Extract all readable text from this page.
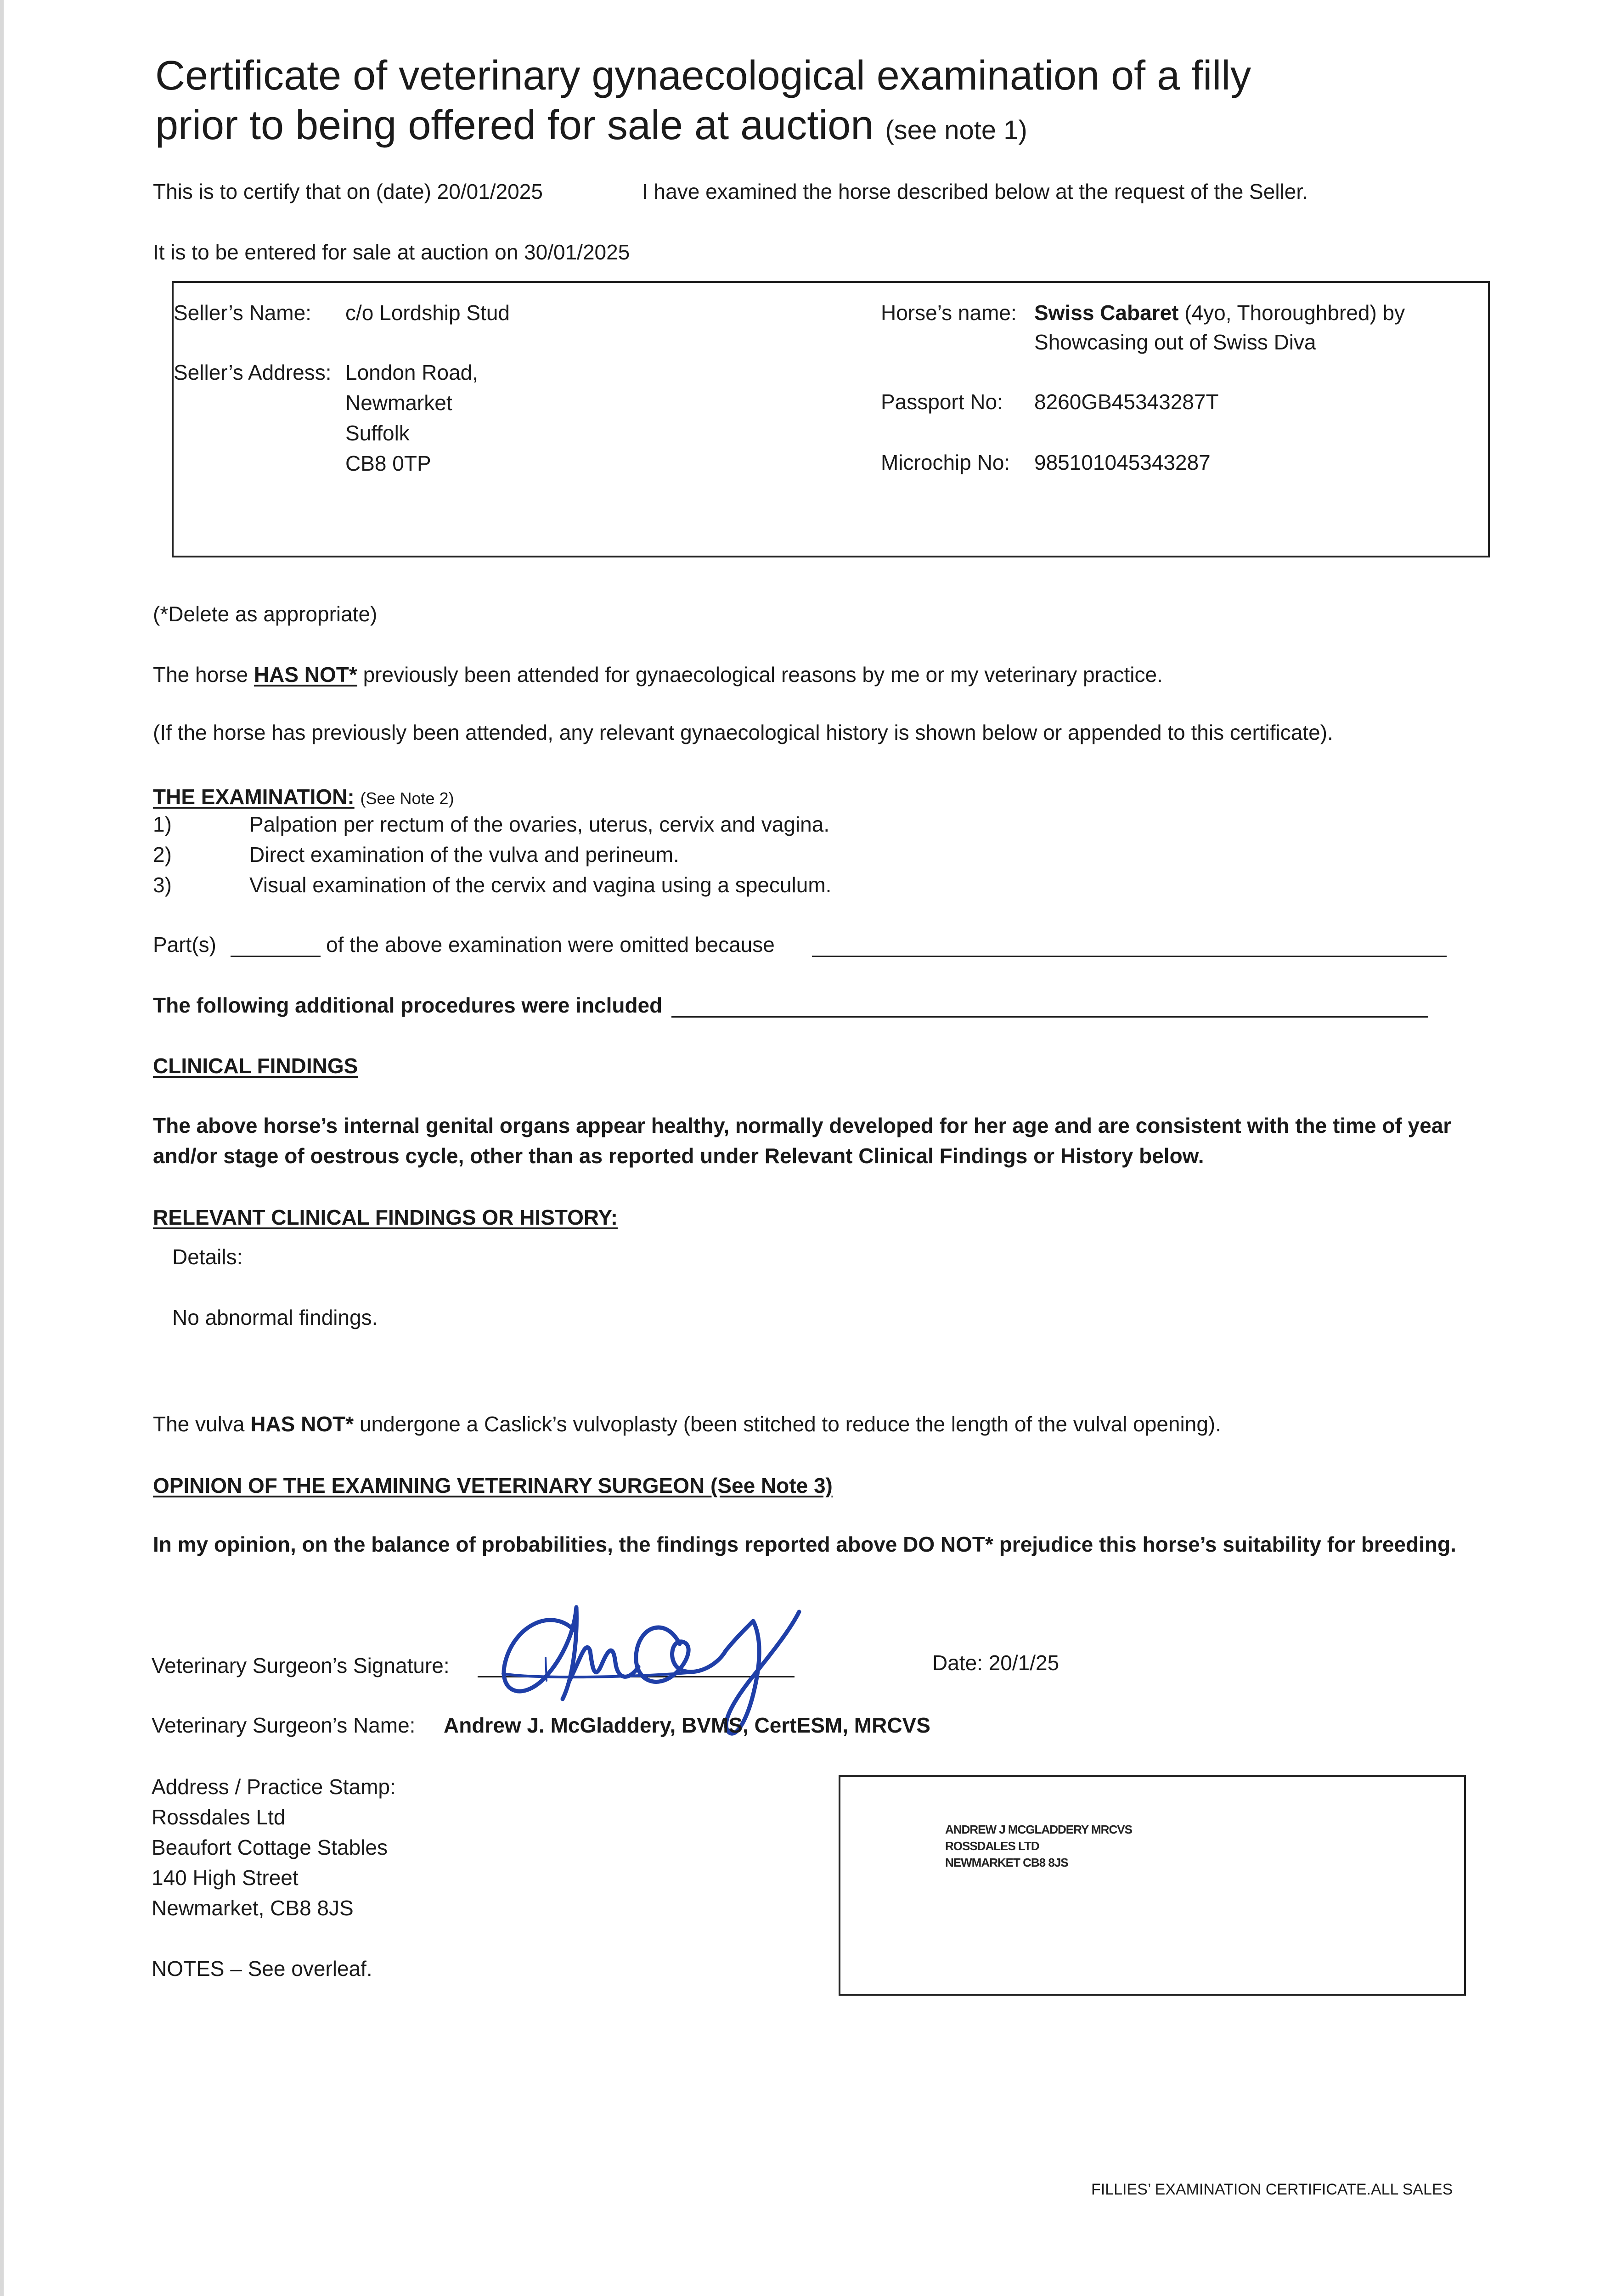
Certificate of veterinary gynaecological examination of a filly
prior to being offered for sale at auction (see note 1)
This is to certify that on (date) 20/01/2025	I have examined the horse described below at the request of the Seller.
It is to be entered for sale at auction on 30/01/2025
Seller’s Name: c/o Lordship Stud
Seller’s Address: London Road,
Newmarket
Suffolk
CB8 0TP
Horse’s name: Swiss Cabaret (4yo, Thoroughbred) by
Showcasing out of Swiss Diva
Passport No: 8260GB45343287T
Microchip No: 985101045343287
(*Delete as appropriate)
The horse HAS NOT* previously been attended for gynaecological reasons by me or my veterinary practice.
(If the horse has previously been attended, any relevant gynaecological history is shown below or appended to this certificate).
THE EXAMINATION: (See Note 2)
1)	Palpation per rectum of the ovaries, uterus, cervix and vagina.
2)	Direct examination of the vulva and perineum.
3)	Visual examination of the cervix and vagina using a speculum.
Part(s)	of the above examination were omitted because
The following additional procedures were included
CLINICAL FINDINGS
The above horse’s internal genital organs appear healthy, normally developed for her age and are consistent with the time of year
and/or stage of oestrous cycle, other than as reported under Relevant Clinical Findings or History below.
RELEVANT CLINICAL FINDINGS OR HISTORY:
Details:
No abnormal findings.
The vulva HAS NOT* undergone a Caslick’s vulvoplasty (been stitched to reduce the length of the vulval opening).
OPINION OF THE EXAMINING VETERINARY SURGEON (See Note 3)
In my opinion, on the balance of probabilities, the findings reported above DO NOT* prejudice this horse’s suitability for breeding.
Veterinary Surgeon’s Signature:	Date: 20/1/25
Veterinary Surgeon’s Name: Andrew J. McGladdery, BVMS, CertESM, MRCVS
Address / Practice Stamp:
Rossdales Ltd
Beaufort Cottage Stables
140 High Street
Newmarket, CB8 8JS
NOTES – See overleaf.
ANDREW J MCGLADDERY MRCVS
ROSSDALES LTD
NEWMARKET CB8 8JS
FILLIES’ EXAMINATION CERTIFICATE.ALL SALES
